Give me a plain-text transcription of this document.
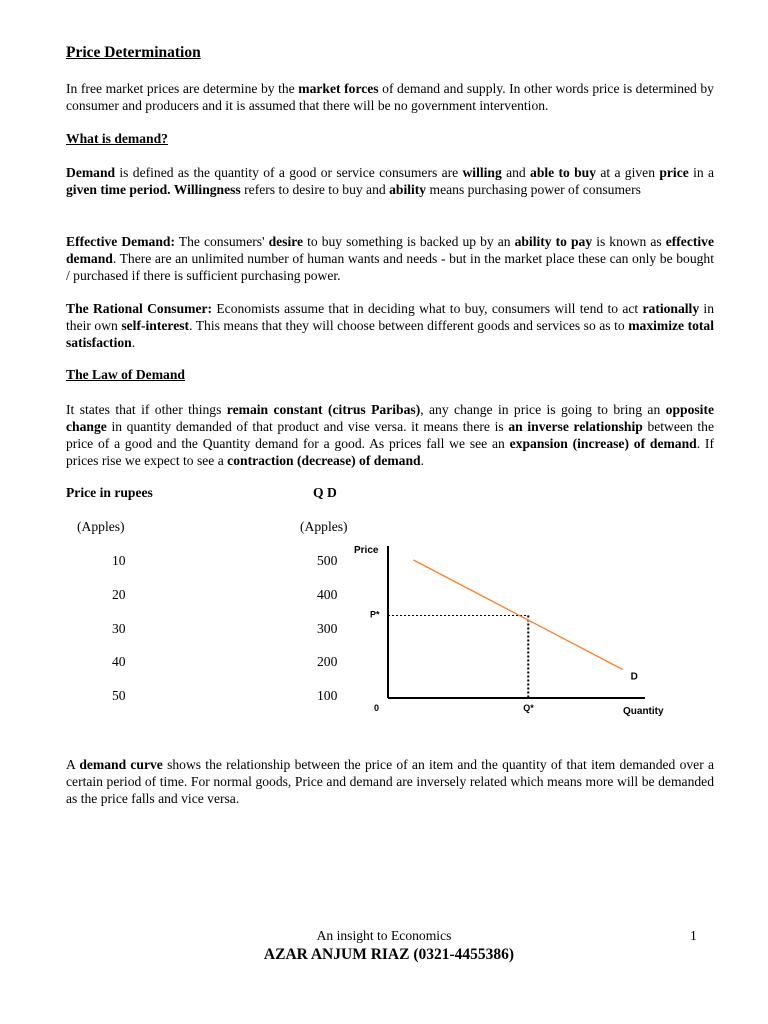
Price Determination

In free market prices are determine by the market forces of demand and supply. In other words price is determined by consumer and producers and it is assumed that there will be no government intervention.

What is demand?

Demand is defined as the quantity of a good or service consumers are willing and able to buy at a given price in a given time period. Willingness refers to desire to buy and ability means purchasing power of consumers

Effective Demand: The consumers' desire to buy something is backed up by an ability to pay is known as effective demand. There are an unlimited number of human wants and needs - but in the market place these can only be bought / purchased if there is sufficient purchasing power.

The Rational Consumer: Economists assume that in deciding what to buy, consumers will tend to act rationally in their own self-interest. This means that they will choose between different goods and services so as to maximize total satisfaction.

The Law of Demand

It states that if other things remain constant (citrus Paribas), any change in price is going to bring an opposite change in quantity demanded of that product and vise versa. it means there is an inverse relationship between the price of a good and the Quantity demand for a good. As prices fall we see an expansion (increase) of demand. If prices rise we expect to see a contraction (decrease) of demand.

Price in rupees	Q D
(Apples)	(Apples)
10	500
20	400
30	300
40	200
50	100
Price
Quantity
0
P*
Q*
D

A demand curve shows the relationship between the price of an item and the quantity of that item demanded over a certain period of time. For normal goods, Price and demand are inversely related which means more will be demanded as the price falls and vice versa.

An insight to Economics	1
AZAR ANJUM RIAZ (0321-4455386)
